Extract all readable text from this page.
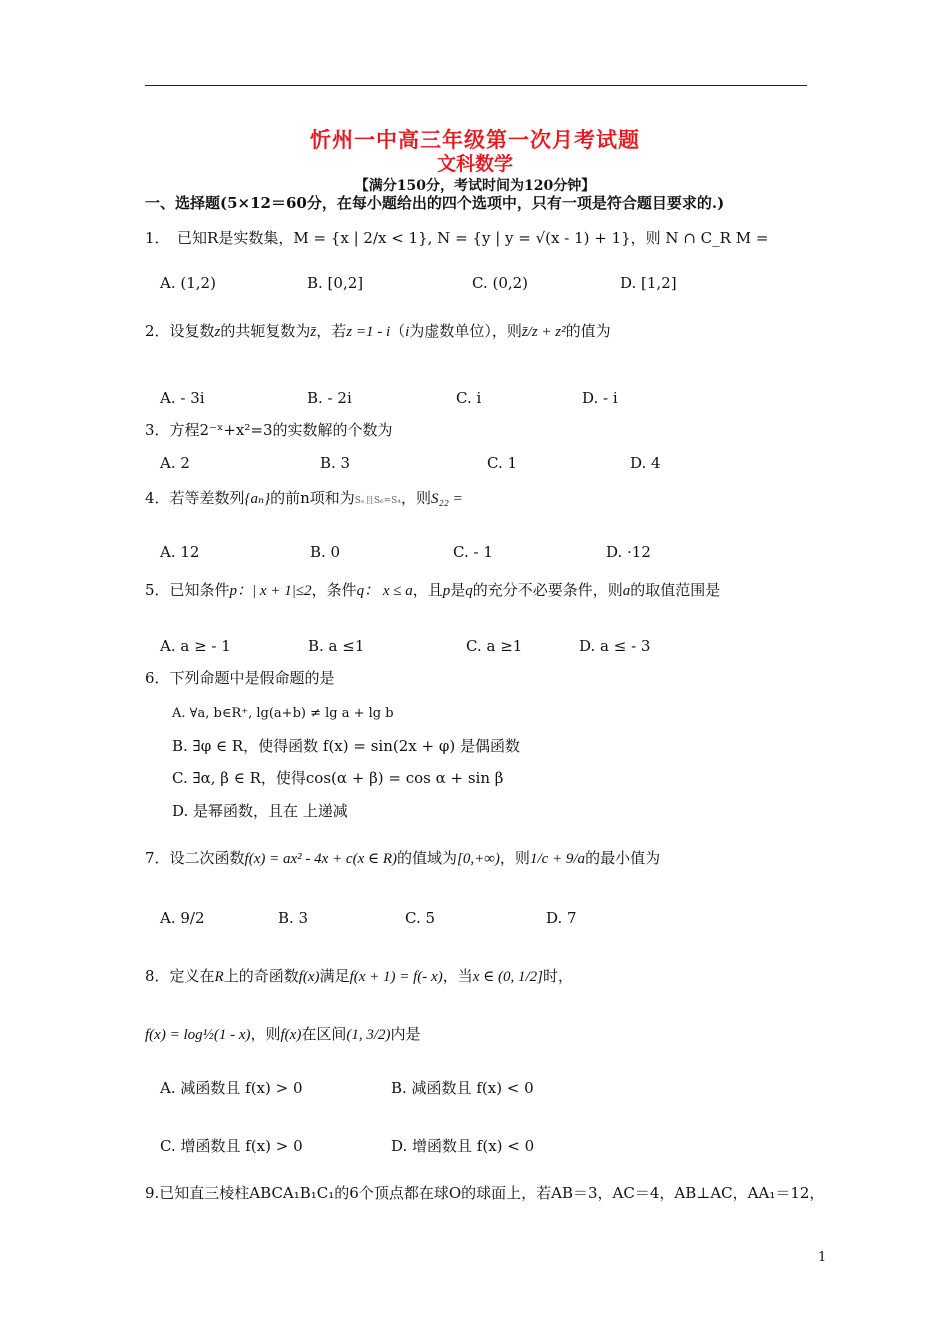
忻州一中高三年级第一次月考试题
文科数学
【满分150分，考试时间为120分钟】
一、选择题(5×12＝60分，在每小题给出的四个选项中，只有一项是符合题目要求的.)
1．　已知R是实数集，M = {x | 2/x < 1}, N = {y | y = √(x - 1) + 1}，则 N ∩ C_R M =
A. (1,2)	B. [0,2]	C. (0,2)	D. [1,2]
2．设复数z的共轭复数为z̄，若z =1 - i（i为虚数单位），则z̄/z + z²的值为
A. - 3i	B. - 2i	C. i	D. - i
3．方程2⁻ˣ+x²=3的实数解的个数为
A. 2	B. 3	C. 1	D. 4
4．若等差数列{aₙ}的前n项和为Sₙ且S₆=S₄，则S₂₂ =
A. 12	B. 0	C. - 1	D. ·12
5．已知条件p：| x + 1|≤2，条件q： x ≤ a，且p是q的充分不必要条件，则a的取值范围是
A. a ≥ - 1	B. a ≤1	C. a ≥1	D. a ≤ - 3
6．下列命题中是假命题的是
A. ∀a, b∈R⁺, lg(a+b) ≠ lg a + lg b
B. ∃φ ∈ R，使得函数 f(x) = sin(2x + φ) 是偶函数
C. ∃α, β ∈ R，使得cos(α + β) = cos α + sin β
D. 是幂函数，且在 上递减
7．设二次函数f(x) = ax² - 4x + c(x ∈ R)的值域为[0,+∞)，则1/c + 9/a的最小值为
A. 9/2	B. 3	C. 5	D. 7
8．定义在R上的奇函数f(x)满足f(x + 1) = f(- x)，当x ∈ (0, 1/2]时，
f(x) = log½(1 - x)，则f(x)在区间(1, 3/2)内是
A. 减函数且 f(x) > 0	B. 减函数且 f(x) < 0
C. 增函数且 f(x) > 0	D. 增函数且 f(x) < 0
9.已知直三棱柱ABCA₁B₁C₁的6个顶点都在球O的球面上，若AB＝3，AC＝4，AB⊥AC，AA₁＝12，
1
